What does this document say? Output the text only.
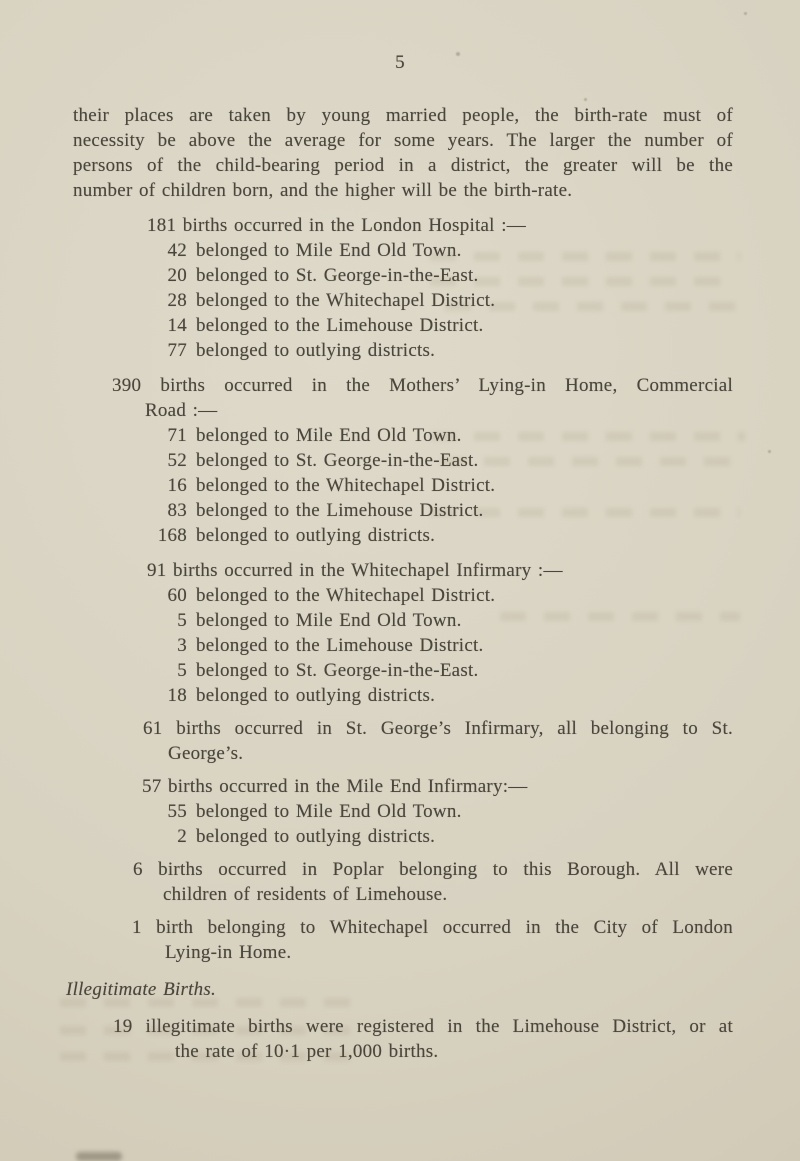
5
their places are taken by young married people, the birth-rate must of
necessity be above the average for some years. The larger the number of
persons of the child-bearing period in a district, the greater will be the
number of children born, and the higher will be the birth-rate.
181 births occurred in the London Hospital :—
42 belonged to Mile End Old Town.
20 belonged to St. George-in-the-East.
28 belonged to the Whitechapel District.
14 belonged to the Limehouse District.
77 belonged to outlying districts.
390 births occurred in the Mothers’ Lying-in Home, Commercial
Road :—
71 belonged to Mile End Old Town.
52 belonged to St. George-in-the-East.
16 belonged to the Whitechapel District.
83 belonged to the Limehouse District.
168 belonged to outlying districts.
91 births occurred in the Whitechapel Infirmary :—
60 belonged to the Whitechapel District.
5 belonged to Mile End Old Town.
3 belonged to the Limehouse District.
5 belonged to St. George-in-the-East.
18 belonged to outlying districts.
61 births occurred in St. George’s Infirmary, all belonging to St.
George’s.
57 births occurred in the Mile End Infirmary:—
55 belonged to Mile End Old Town.
2 belonged to outlying districts.
6 births occurred in Poplar belonging to this Borough. All were
children of residents of Limehouse.
1 birth belonging to Whitechapel occurred in the City of London
Lying-in Home.
Illegitimate Births.
19 illegitimate births were registered in the Limehouse District, or at
the rate of 10·1 per 1,000 births.
